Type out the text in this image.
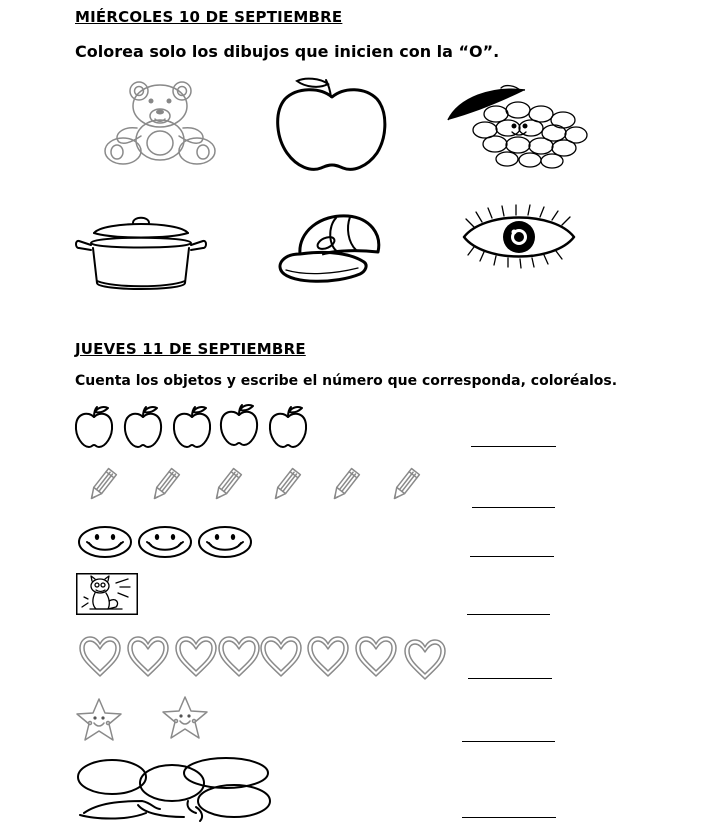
MIÉRCOLES 10 DE SEPTIEMBRE
Colorea solo los dibujos que inicien con la “O”.
JUEVES 11 DE SEPTIEMBRE
Cuenta los objetos y escribe el número que corresponda, coloréalos.
